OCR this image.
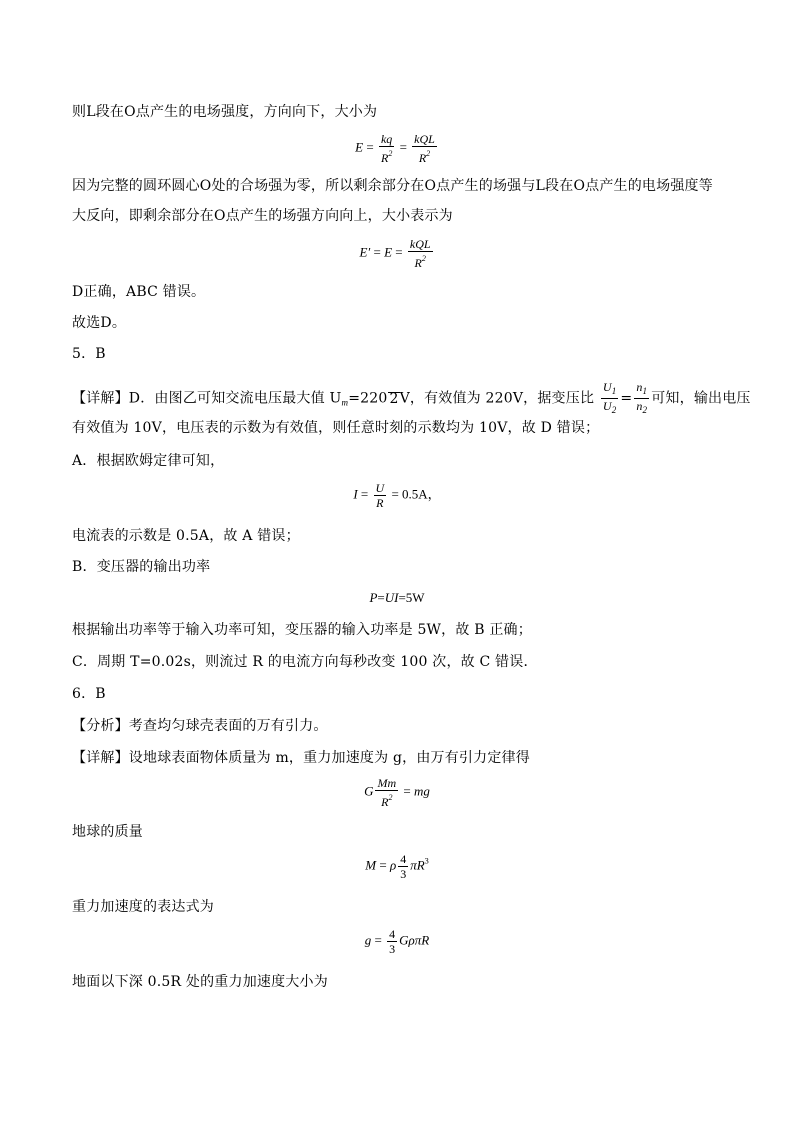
则L段在O点产生的电场强度，方向向下，大小为
$E = \frac{kq}{R^2} = \frac{\text{kQL}}{R^2}$
因为完整的圆环圆心O处的合场强为零，所以剩余部分在O点产生的场强与L段在O点产生的电场强度等
大反向，即剩余部分在O点产生的场强方向向上，大小表示为
$E' = E = \frac{\text{kQL}}{R^2}$
D正确，ABC 错误。
故选D。
5．B
【详解】D．由图乙可知交流电压最大值 $U_m=220$ 2V，有效值为 220V，据变压比 $\frac{U_1}{U_2} = \frac{n_1}{n_2}$ 可知，输出电压
有效值为 10V，电压表的示数为有效值，则任意时刻的示数均为 10V，故 D 错误；
A．根据欧姆定律可知，
$I = \frac{U}{R} = 0.5A$，
电流表的示数是 0.5A，故 A 错误；
B．变压器的输出功率
P=UI=5W
根据输出功率等于输入功率可知，变压器的输入功率是 5W，故 B 正确；
C．周期 T=0.02s，则流过 R 的电流方向每秒改变 100 次，故 C 错误．
6．B
【分析】考查均匀球壳表面的万有引力。
【详解】设地球表面物体质量为 m，重力加速度为 g，由万有引力定律得
G $\frac{Mm}{R^2}$ = mg
地球的质量
M = ρ $\frac{4}{3} \pi R^3$
重力加速度的表达式为
$g = \frac{4}{3}$ GρπR
地面以下深 0.5R 处的重力加速度大小为
